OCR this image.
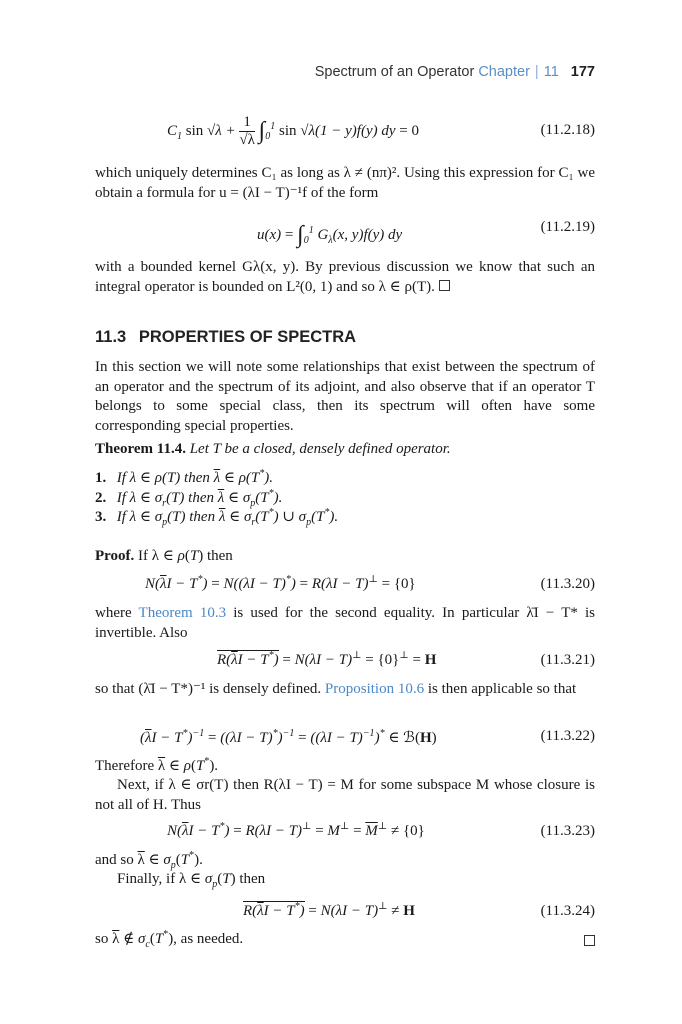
Spectrum of an Operator Chapter | 11 177
$C_1$ $\sin √\lambda + \frac{1}{√\lambda} \int_0^1$ sin √λ(1 − y)f(y) dy = 0	(11.2.18)
which uniquely determines C₁ as long as λ ≠ (nπ)². Using this expression for C₁ we obtain a formula for u = (λI − T)⁻¹f of the form
$u(x) = \int_0^1$ $G_\lambda(x$, y)f(y) dy	(11.2.19)
with a bounded kernel Gλ(x, y). By previous discussion we know that such an integral operator is bounded on L²(0, 1) and so λ ∈ ρ(T).
11.3 PROPERTIES OF SPECTRA
In this section we will note some relationships that exist between the spectrum of an operator and the spectrum of its adjoint, and also observe that if an operator T belongs to some special class, then its spectrum will often have some corresponding special properties.
Theorem 11.4. Let T be a closed, densely defined operator.
1. If λ ∈ ρ(T) then $\overline{\lambda}$ ∈ ρ(T*).
2. If λ ∈ $\sigma_r(T)$ then $\overline{\lambda}$ ∈ $\sigma_p(T^*)$.
3. If λ ∈ $\sigma_p(T)$ then $\overline{\lambda}$ ∈ $\sigma_r(T^*)$ ∪ $\sigma_p(T^*)$.
Proof. If λ ∈ ρ(T) then
$N(\overline{\lambda}I - T^*) = N((\lambda I - T)^*) = R(\lambda I - T)^\perp = \{0\}$	(11.3.20)
where Theorem 10.3 is used for the second equality. In particular λ̄I − T* is invertible. Also
$R(\overline{\lambda}I - T^*) = N(\lambda I - T)^\perp = \{0\}^\perp = H$	(11.3.21)
so that (λ̄I − T*)⁻¹ is densely defined. Proposition 10.6 is then applicable so that
$(\overline{\lambda}I - T^*)^{-1} = ((\lambda I - T)^*)^{-1} = ((\lambda I - T)^{-1})^*$ ∈ ℬ(H)	(11.3.22)
Therefore $\overline{\lambda}$ ∈ ρ(T*).
Next, if λ ∈ σr(T) then R(λI − T) = M for some subspace M whose closure is not all of H. Thus
$N(\overline{\lambda}I - T^*) = R(\lambda I - T)^\perp = M^\perp = \overline{M}^\perp \ne \{0\}$	(11.3.23)
and so $\overline{\lambda}$ ∈ $\sigma_p(T^*)$.
Finally, if λ ∈ $\sigma_p(T)$ then
$R(\overline{\lambda}I - T^*) = N(\lambda I - T)^\perp \ne H$	(11.3.24)
so $\overline{\lambda}$ ∉ $\sigma_c(T^*)$, as needed.
